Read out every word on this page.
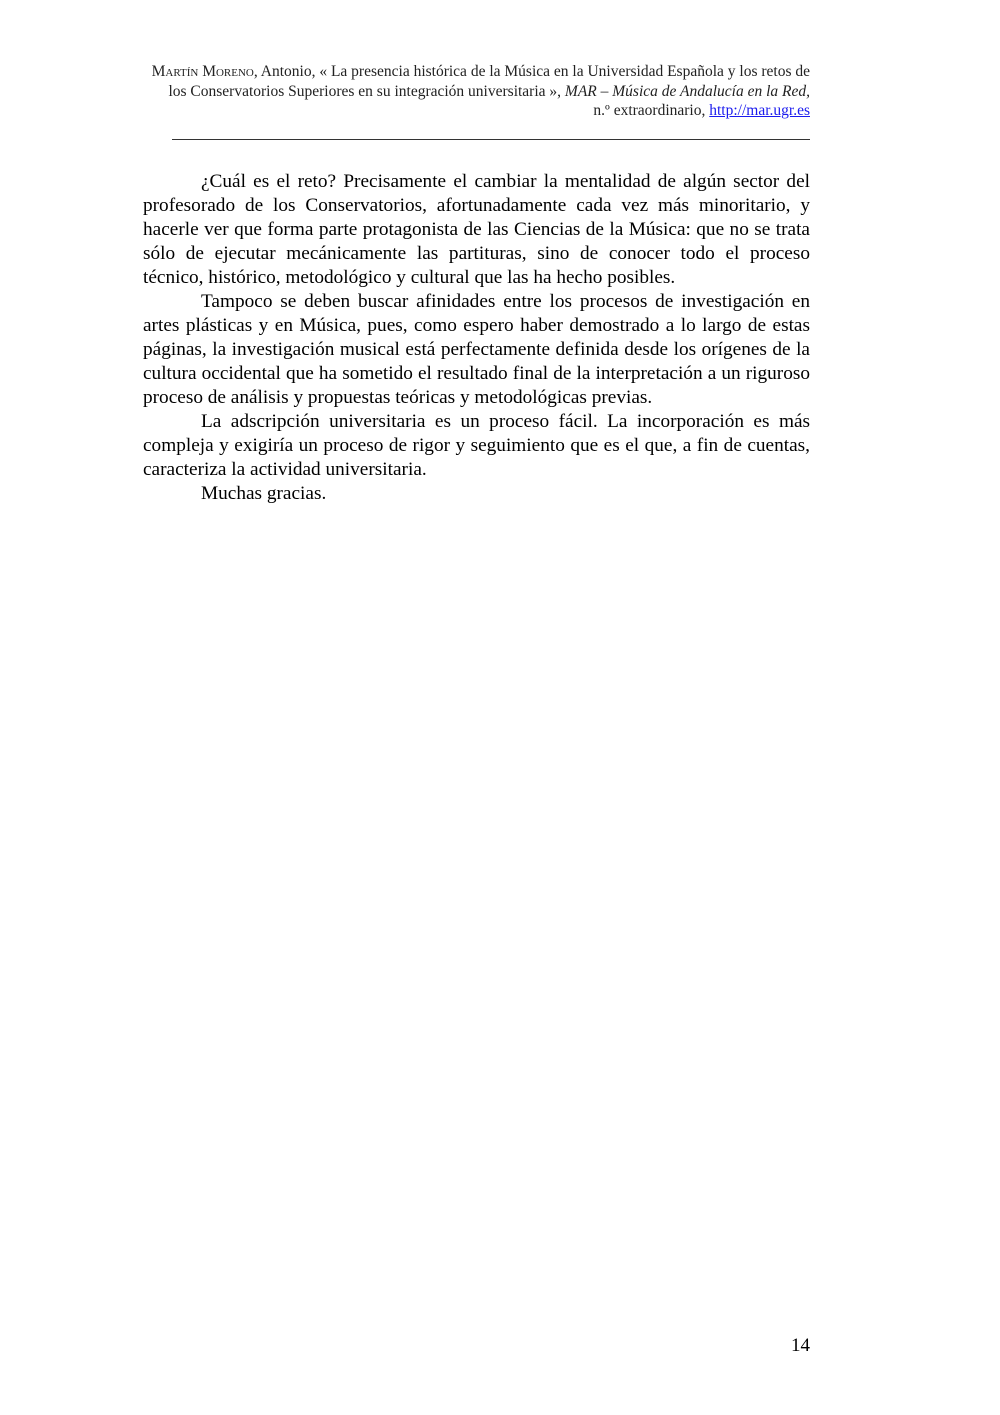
Martín Moreno, Antonio, « La presencia histórica de la Música en la Universidad Española y los retos de los Conservatorios Superiores en su integración universitaria », MAR – Música de Andalucía en la Red, n.º extraordinario, http://mar.ugr.es

¿Cuál es el reto? Precisamente el cambiar la mentalidad de algún sector del profesorado de los Conservatorios, afortunadamente cada vez más minoritario, y hacerle ver que forma parte protagonista de las Ciencias de la Música: que no se trata sólo de ejecutar mecánicamente las partituras, sino de conocer todo el proceso técnico, histórico, metodológico y cultural que las ha hecho posibles.

Tampoco se deben buscar afinidades entre los procesos de investigación en artes plásticas y en Música, pues, como espero haber demostrado a lo largo de estas páginas, la investigación musical está perfectamente definida desde los orígenes de la cultura occidental que ha sometido el resultado final de la interpretación a un riguroso proceso de análisis y propuestas teóricas y metodológicas previas.

La adscripción universitaria es un proceso fácil. La incorporación es más compleja y exigiría un proceso de rigor y seguimiento que es el que, a fin de cuentas, caracteriza la actividad universitaria.

Muchas gracias.

14
